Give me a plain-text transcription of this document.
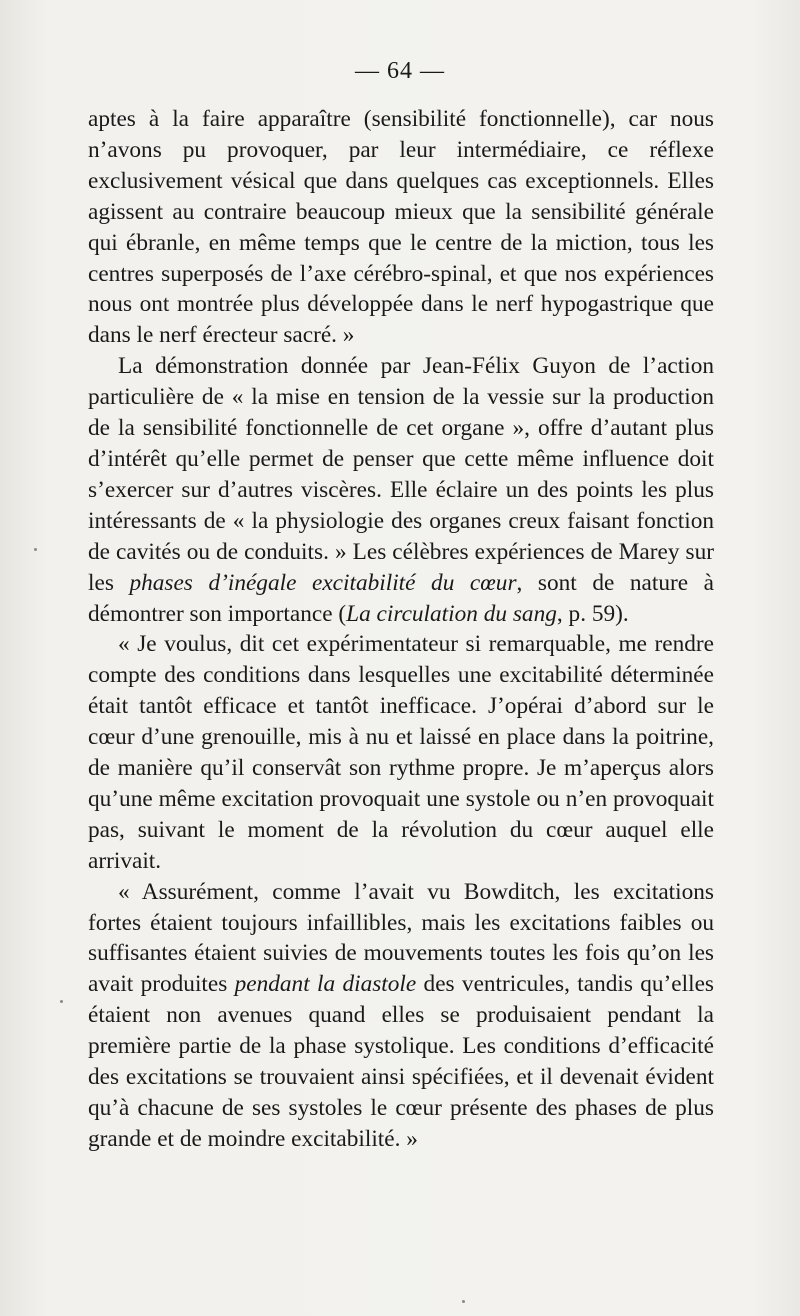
— 64 —

aptes à la faire apparaître (sensibilité fonctionnelle), car nous n’avons pu provoquer, par leur intermédiaire, ce réflexe exclusivement vésical que dans quelques cas exceptionnels. Elles agissent au contraire beaucoup mieux que la sensibilité générale qui ébranle, en même temps que le centre de la miction, tous les centres superposés de l’axe cérébro-spinal, et que nos expériences nous ont montrée plus développée dans le nerf hypogastrique que dans le nerf érecteur sacré. »

La démonstration donnée par Jean-Félix Guyon de l’action particulière de « la mise en tension de la vessie sur la production de la sensibilité fonctionnelle de cet organe », offre d’autant plus d’intérêt qu’elle permet de penser que cette même influence doit s’exercer sur d’autres viscères. Elle éclaire un des points les plus intéressants de « la physiologie des organes creux faisant fonction de cavités ou de conduits. » Les célèbres expériences de Marey sur les phases d’inégale excitabilité du cœur, sont de nature à démontrer son importance (La circulation du sang, p. 59).

« Je voulus, dit cet expérimentateur si remarquable, me rendre compte des conditions dans lesquelles une excitabilité déterminée était tantôt efficace et tantôt inefficace. J’opérai d’abord sur le cœur d’une grenouille, mis à nu et laissé en place dans la poitrine, de manière qu’il conservât son rythme propre. Je m’aperçus alors qu’une même excitation provoquait une systole ou n’en provoquait pas, suivant le moment de la révolution du cœur auquel elle arrivait.

« Assurément, comme l’avait vu Bowditch, les excitations fortes étaient toujours infaillibles, mais les excitations faibles ou suffisantes étaient suivies de mouvements toutes les fois qu’on les avait produites pendant la diastole des ventricules, tandis qu’elles étaient non avenues quand elles se produisaient pendant la première partie de la phase systolique. Les conditions d’efficacité des excitations se trouvaient ainsi spécifiées, et il devenait évident qu’à chacune de ses systoles le cœur présente des phases de plus grande et de moindre excitabilité. »
